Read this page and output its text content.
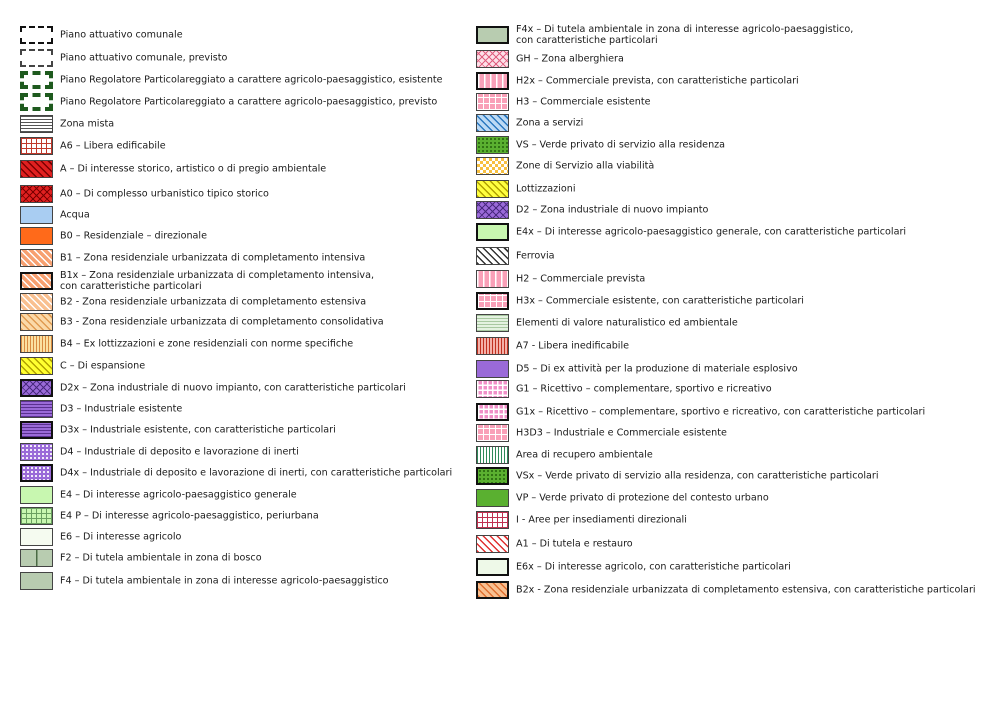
Piano attuativo comunale
Piano attuativo comunale, previsto
Piano Regolatore Particolareggiato a carattere agricolo-paesaggistico, esistente
Piano Regolatore Particolareggiato a carattere agricolo-paesaggistico, previsto
Zona mista
A6 – Libera edificabile
A – Di interesse storico, artistico o di pregio ambientale
A0 – Di complesso urbanistico tipico storico
Acqua
B0 – Residenziale – direzionale
B1 – Zona residenziale urbanizzata di completamento intensiva
B1x – Zona residenziale urbanizzata di completamento intensiva,
con caratteristiche particolari
B2 - Zona residenziale urbanizzata di completamento estensiva
B3 - Zona residenziale urbanizzata di completamento consolidativa
B4 – Ex lottizzazioni e zone residenziali con norme specifiche
C – Di espansione
D2x – Zona industriale di nuovo impianto, con caratteristiche particolari
D3 – Industriale esistente
D3x – Industriale esistente, con caratteristiche particolari
D4 – Industriale di deposito e lavorazione di inerti
D4x – Industriale di deposito e lavorazione di inerti, con caratteristiche particolari
E4 – Di interesse agricolo-paesaggistico generale
E4 P – Di interesse agricolo-paesaggistico, periurbana
E6 – Di interesse agricolo
F2 – Di tutela ambientale in zona di bosco
F4 – Di tutela ambientale in zona di interesse agricolo-paesaggistico
F4x – Di tutela ambientale in zona di interesse agricolo-paesaggistico,
con caratteristiche particolari
GH – Zona alberghiera
H2x – Commerciale prevista, con caratteristiche particolari
H3 – Commerciale esistente
Zona a servizi
VS – Verde privato di servizio alla residenza
Zone di Servizio alla viabilità
Lottizzazioni
D2 – Zona industriale di nuovo impianto
E4x – Di interesse agricolo-paesaggistico generale, con caratteristiche particolari
Ferrovia
H2 – Commerciale prevista
H3x – Commerciale esistente, con caratteristiche particolari
Elementi di valore naturalistico ed ambientale
A7 - Libera inedificabile
D5 – Di ex attività per la produzione di materiale esplosivo
G1 – Ricettivo – complementare, sportivo e ricreativo
G1x – Ricettivo – complementare, sportivo e ricreativo, con caratteristiche particolari
H3D3 – Industriale e Commerciale esistente
Area di recupero ambientale
VSx – Verde privato di servizio alla residenza, con caratteristiche particolari
VP – Verde privato di protezione del contesto urbano
I - Aree per insediamenti direzionali
A1 – Di tutela e restauro
E6x – Di interesse agricolo, con caratteristiche particolari
B2x - Zona residenziale urbanizzata di completamento estensiva, con caratteristiche particolari
